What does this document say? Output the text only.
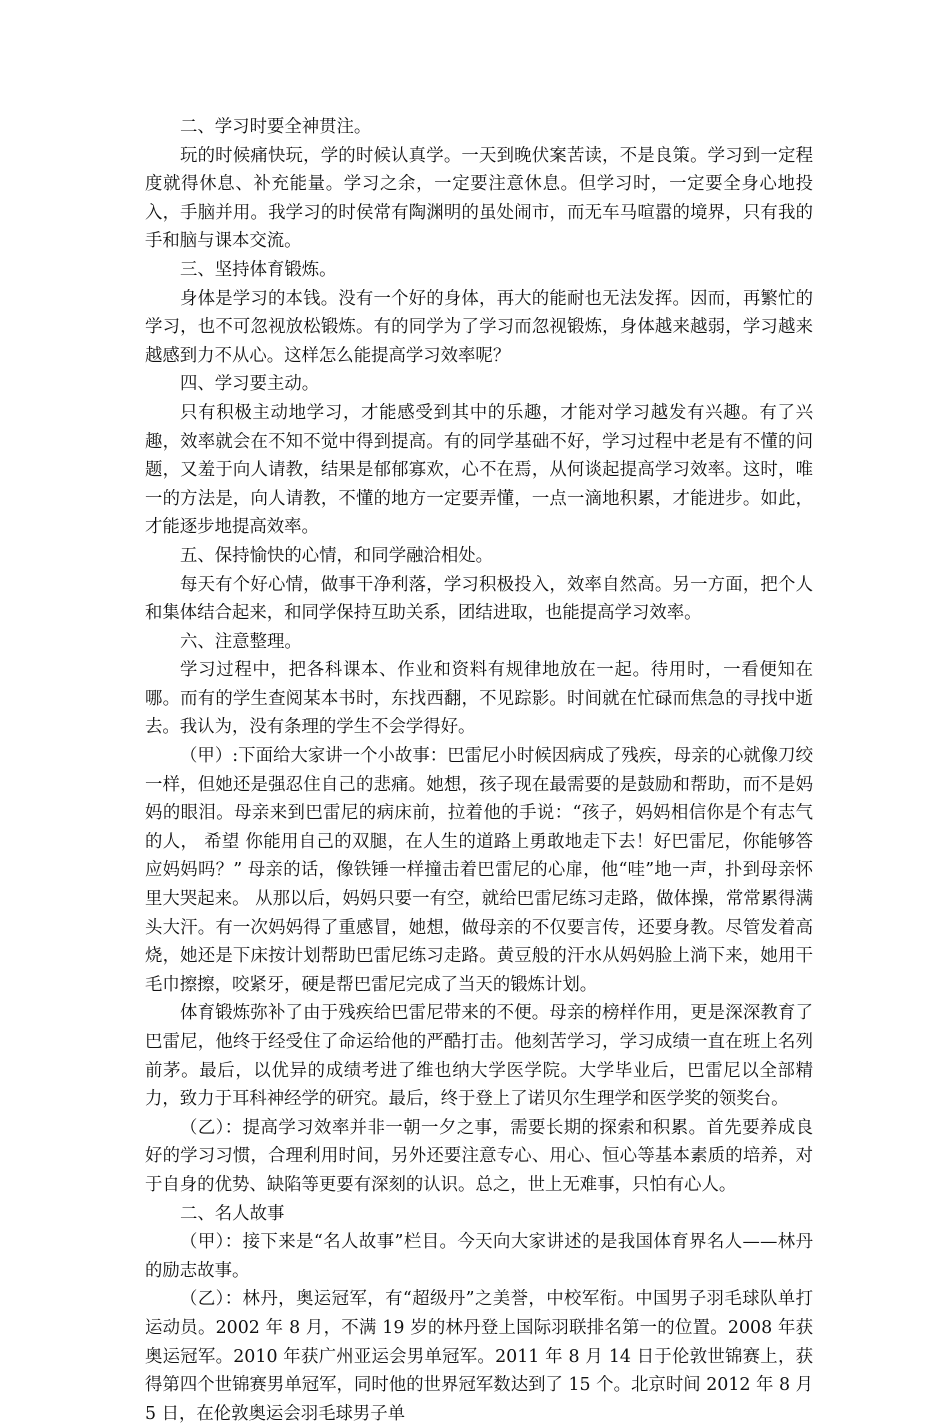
二、学习时要全神贯注。

玩的时候痛快玩，学的时候认真学。一天到晚伏案苦读，不是良策。学习到一定程度就得休息、补充能量。学习之余，一定要注意休息。但学习时，一定要全身心地投入，手脑并用。我学习的时侯常有陶渊明的虽处闹市，而无车马喧嚣的境界，只有我的手和脑与课本交流。

三、坚持体育锻炼。

身体是学习的本钱。没有一个好的身体，再大的能耐也无法发挥。因而，再繁忙的学习，也不可忽视放松锻炼。有的同学为了学习而忽视锻炼，身体越来越弱，学习越来越感到力不从心。这样怎么能提高学习效率呢？

四、学习要主动。

只有积极主动地学习，才能感受到其中的乐趣，才能对学习越发有兴趣。有了兴趣，效率就会在不知不觉中得到提高。有的同学基础不好，学习过程中老是有不懂的问题，又羞于向人请教，结果是郁郁寡欢，心不在焉，从何谈起提高学习效率。这时，唯一的方法是，向人请教，不懂的地方一定要弄懂，一点一滴地积累，才能进步。如此，才能逐步地提高效率。

五、保持愉快的心情，和同学融洽相处。

每天有个好心情，做事干净利落，学习积极投入，效率自然高。另一方面，把个人和集体结合起来，和同学保持互助关系，团结进取，也能提高学习效率。

六、注意整理。

学习过程中，把各科课本、作业和资料有规律地放在一起。待用时，一看便知在哪。而有的学生查阅某本书时，东找西翻，不见踪影。时间就在忙碌而焦急的寻找中逝去。我认为，没有条理的学生不会学得好。

（甲）:下面给大家讲一个小故事：巴雷尼小时候因病成了残疾，母亲的心就像刀绞一样，但她还是强忍住自己的悲痛。她想，孩子现在最需要的是鼓励和帮助，而不是妈妈的眼泪。母亲来到巴雷尼的病床前，拉着他的手说：“孩子，妈妈相信你是个有志气的人， 希望 你能用自己的双腿，在人生的道路上勇敢地走下去！好巴雷尼，你能够答应妈妈吗？” 母亲的话，像铁锤一样撞击着巴雷尼的心扉，他“哇”地一声，扑到母亲怀里大哭起来。 从那以后，妈妈只要一有空，就给巴雷尼练习走路，做体操，常常累得满头大汗。有一次妈妈得了重感冒，她想，做母亲的不仅要言传，还要身教。尽管发着高烧，她还是下床按计划帮助巴雷尼练习走路。黄豆般的汗水从妈妈脸上淌下来，她用干毛巾擦擦，咬紧牙，硬是帮巴雷尼完成了当天的锻炼计划。

体育锻炼弥补了由于残疾给巴雷尼带来的不便。母亲的榜样作用，更是深深教育了巴雷尼，他终于经受住了命运给他的严酷打击。他刻苦学习，学习成绩一直在班上名列前茅。最后，以优异的成绩考进了维也纳大学医学院。大学毕业后，巴雷尼以全部精力，致力于耳科神经学的研究。最后，终于登上了诺贝尔生理学和医学奖的领奖台。

（乙）：提高学习效率并非一朝一夕之事，需要长期的探索和积累。首先要养成良好的学习习惯，合理利用时间，另外还要注意专心、用心、恒心等基本素质的培养，对于自身的优势、缺陷等更要有深刻的认识。总之，世上无难事，只怕有心人。

二、名人故事

（甲）：接下来是“名人故事”栏目。今天向大家讲述的是我国体育界名人——林丹的励志故事。

（乙）：林丹，奥运冠军，有“超级丹”之美誉，中校军衔。中国男子羽毛球队单打运动员。2002 年 8 月，不满 19 岁的林丹登上国际羽联排名第一的位置。2008 年获奥运冠军。2010 年获广州亚运会男单冠军。2011 年 8 月 14 日于伦敦世锦赛上，获得第四个世锦赛男单冠军，同时他的世界冠军数达到了 15 个。北京时间 2012 年 8 月 5 日，在伦敦奥运会羽毛球男子单
